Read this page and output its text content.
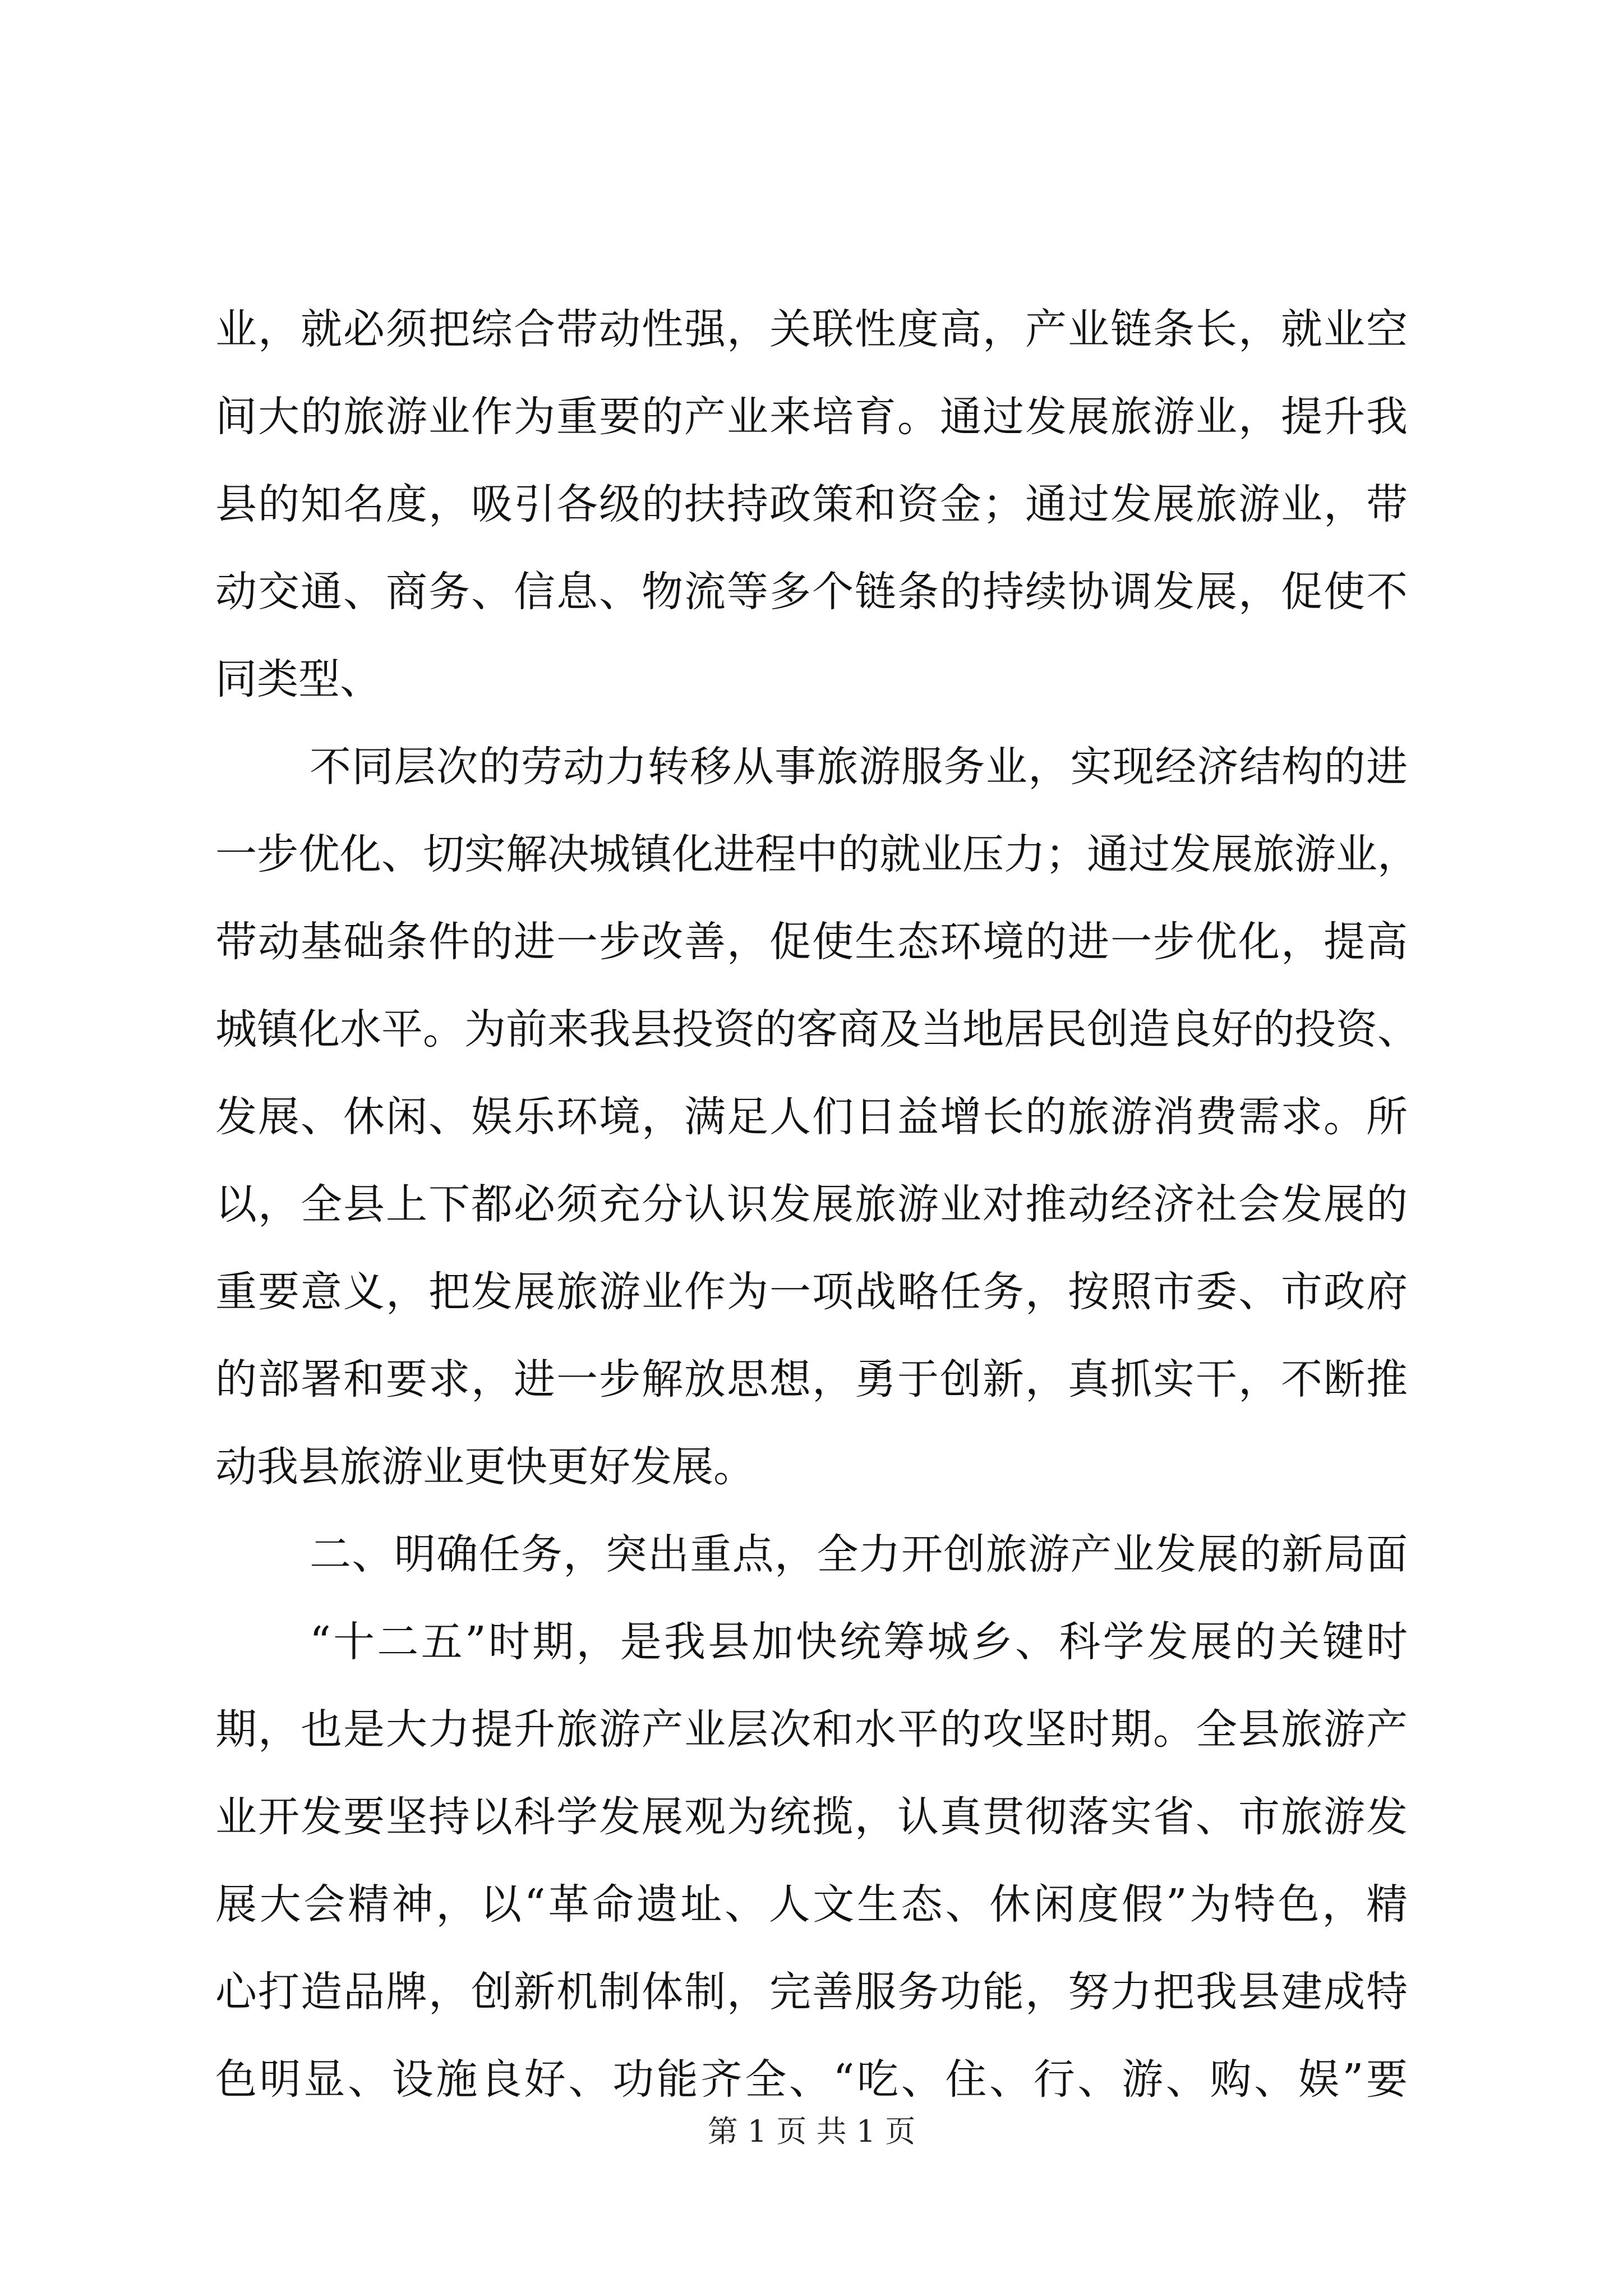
业，就必须把综合带动性强，关联性度高，产业链条长，就业空
间大的旅游业作为重要的产业来培育。通过发展旅游业，提升我
县的知名度，吸引各级的扶持政策和资金；通过发展旅游业，带
动交通、商务、信息、物流等多个链条的持续协调发展，促使不
同类型、
不同层次的劳动力转移从事旅游服务业，实现经济结构的进
一步优化、切实解决城镇化进程中的就业压力；通过发展旅游业，
带动基础条件的进一步改善，促使生态环境的进一步优化，提高
城镇化水平。为前来我县投资的客商及当地居民创造良好的投资、
发展、休闲、娱乐环境，满足人们日益增长的旅游消费需求。所
以，全县上下都必须充分认识发展旅游业对推动经济社会发展的
重要意义，把发展旅游业作为一项战略任务，按照市委、市政府
的部署和要求，进一步解放思想，勇于创新，真抓实干，不断推
动我县旅游业更快更好发展。
二、明确任务，突出重点，全力开创旅游产业发展的新局面
“十二五”时期，是我县加快统筹城乡、科学发展的关键时
期，也是大力提升旅游产业层次和水平的攻坚时期。全县旅游产
业开发要坚持以科学发展观为统揽，认真贯彻落实省、市旅游发
展大会精神，以“革命遗址、人文生态、休闲度假”为特色，精
心打造品牌，创新机制体制，完善服务功能，努力把我县建成特
色明显、设施良好、功能齐全、“吃、住、行、游、购、娱”要
第 1 页 共 1 页
